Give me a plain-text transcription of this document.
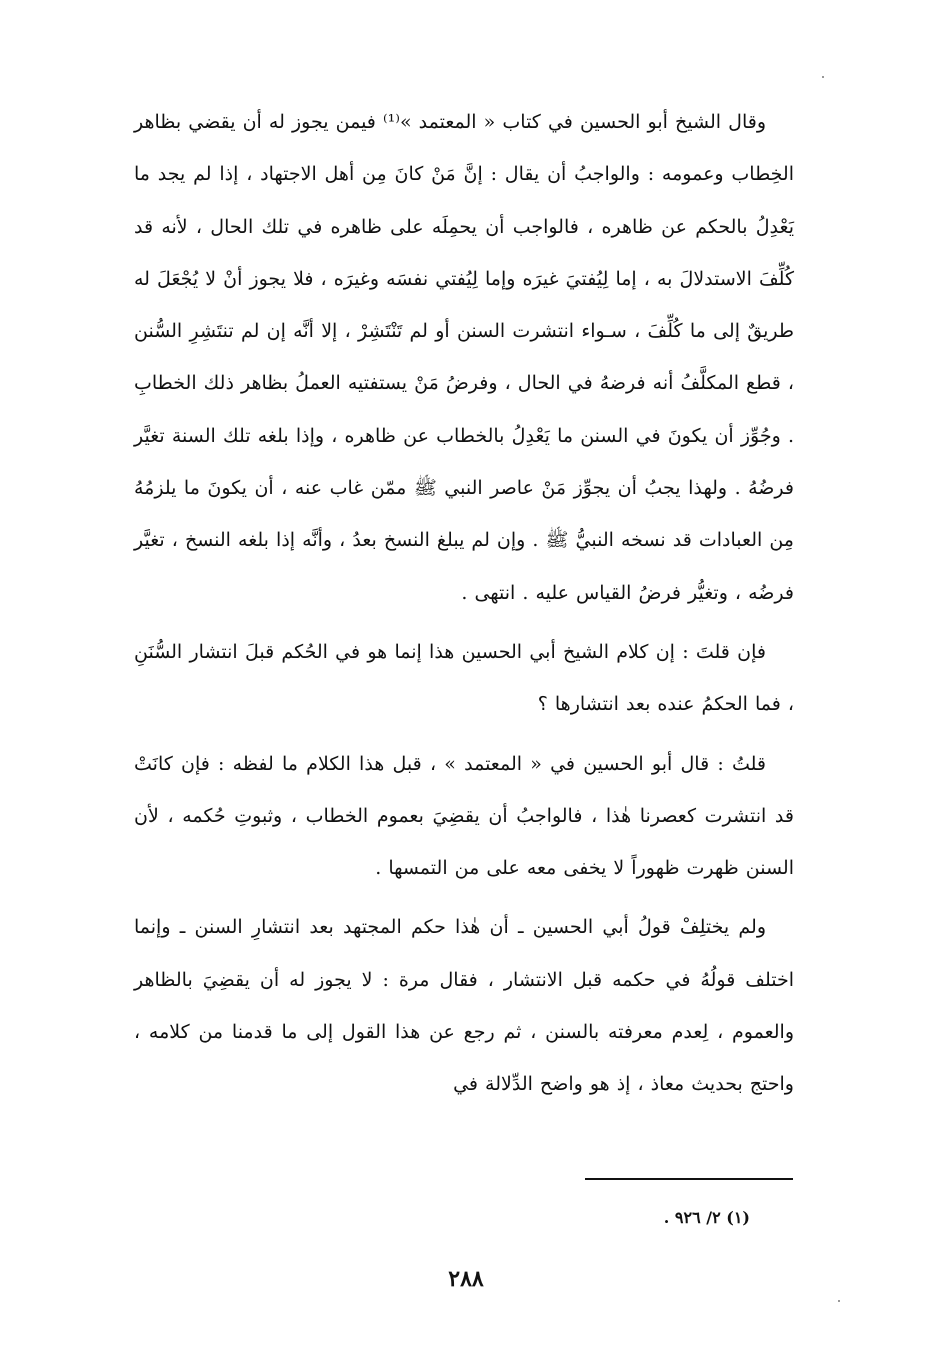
وقال الشيخ أبو الحسين في كتاب « المعتمد »⁽¹⁾ فيمن يجوز له أن يقضي بظاهر الخِطاب وعمومه : والواجبُ أن يقال : إنَّ مَنْ كانَ مِن أهل الاجتهاد ، إذا لم يجد ما يَعْدِلُ بالحكم عن ظاهره ، فالواجب أن يحمِلَه على ظاهره في تلك الحال ، لأنه قد كُلِّفَ الاستدلالَ به ، إما لِيُفتيَ غيرَه وإما لِيُفتي نفسَه وغيرَه ، فلا يجوز أنْ لا يُجْعَلَ له طريقٌ إلى ما كُلِّفَ ، سـواء انتشرت السنن أو لم تَنْتَشِرْ ، إلا أنَّه إن لم تنتَشِرِ السُّنن ، قطع المكلَّفُ أنه فرضهُ في الحال ، وفرضُ مَنْ يستفتيه العملُ بظاهر ذلك الخطابِ . وجُوِّز أن يكونَ في السنن ما يَعْدِلُ بالخطاب عن ظاهره ، وإذا بلغه تلك السنة تغيَّر فرضُهُ . ولهذا يجبُ أن يجوِّز مَنْ عاصر النبي ﷺ ممّن غاب عنه ، أن يكونَ ما يلزمُهُ مِن العبادات قد نسخه النبيُّ ﷺ . وإن لم يبلغ النسخ بعدُ ، وأنَّه إذا بلغه النسخ ، تغيَّر فرضُه ، وتغيُّر فرضُ القياس عليه . انتهى .

فإن قلتَ : إن كلام الشيخ أبي الحسين هذا إنما هو في الحُكم قبلَ انتشار السُّنَنِ ، فما الحكمُ عنده بعد انتشارها ؟

قلتُ : قال أبو الحسين في « المعتمد » ، قبل هذا الكلام ما لفظه : فإن كانَتْ قد انتشرت كعصرنا هٰذا ، فالواجبُ أن يقضِيَ بعموم الخطاب ، وثبوتِ حُكمه ، لأن السنن ظهرت ظهوراً لا يخفى معه على من التمسها .

ولم يختلِفْ قولُ أبي الحسين ـ أن هٰذا حكم المجتهد بعد انتشارِ السنن ـ وإنما اختلف قولُهُ في حكمه قبل الانتشار ، فقال مرة : لا يجوز له أن يقضِيَ بالظاهر والعموم ، لِعدم معرفته بالسنن ، ثم رجع عن هذا القول إلى ما قدمنا من كلامه ، واحتج بحديث معاذ ، إذ هو واضح الدِّلالة في

(١) ٢/ ٩٢٦ .
٢٨٨
